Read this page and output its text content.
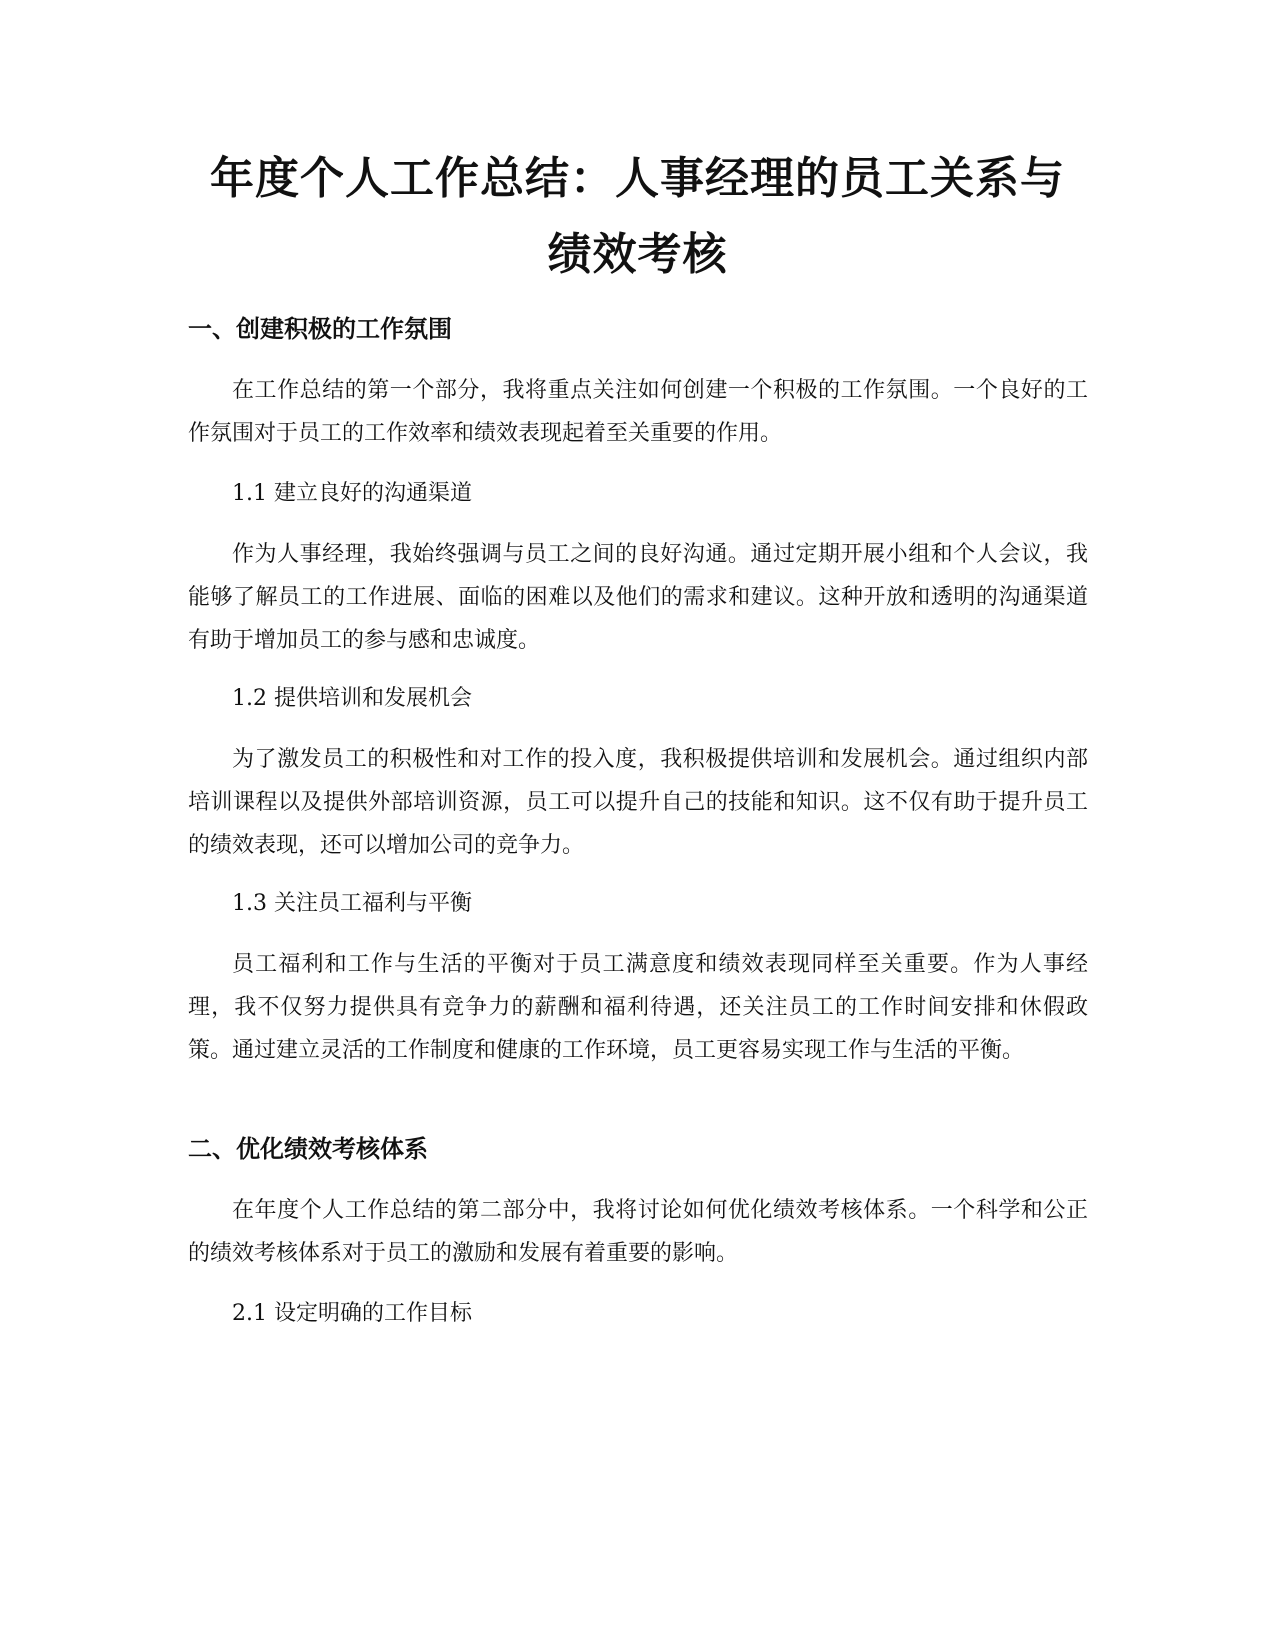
年度个人工作总结：人事经理的员工关系与
绩效考核
一、创建积极的工作氛围

在工作总结的第一个部分，我将重点关注如何创建一个积极的工作氛围。一个良好的工作氛围对于员工的工作效率和绩效表现起着至关重要的作用。

1.1 建立良好的沟通渠道

作为人事经理，我始终强调与员工之间的良好沟通。通过定期开展小组和个人会议，我能够了解员工的工作进展、面临的困难以及他们的需求和建议。这种开放和透明的沟通渠道有助于增加员工的参与感和忠诚度。

1.2 提供培训和发展机会

为了激发员工的积极性和对工作的投入度，我积极提供培训和发展机会。通过组织内部培训课程以及提供外部培训资源，员工可以提升自己的技能和知识。这不仅有助于提升员工的绩效表现，还可以增加公司的竞争力。

1.3 关注员工福利与平衡

员工福利和工作与生活的平衡对于员工满意度和绩效表现同样至关重要。作为人事经理，我不仅努力提供具有竞争力的薪酬和福利待遇，还关注员工的工作时间安排和休假政策。通过建立灵活的工作制度和健康的工作环境，员工更容易实现工作与生活的平衡。

二、优化绩效考核体系

在年度个人工作总结的第二部分中，我将讨论如何优化绩效考核体系。一个科学和公正的绩效考核体系对于员工的激励和发展有着重要的影响。

2.1 设定明确的工作目标
